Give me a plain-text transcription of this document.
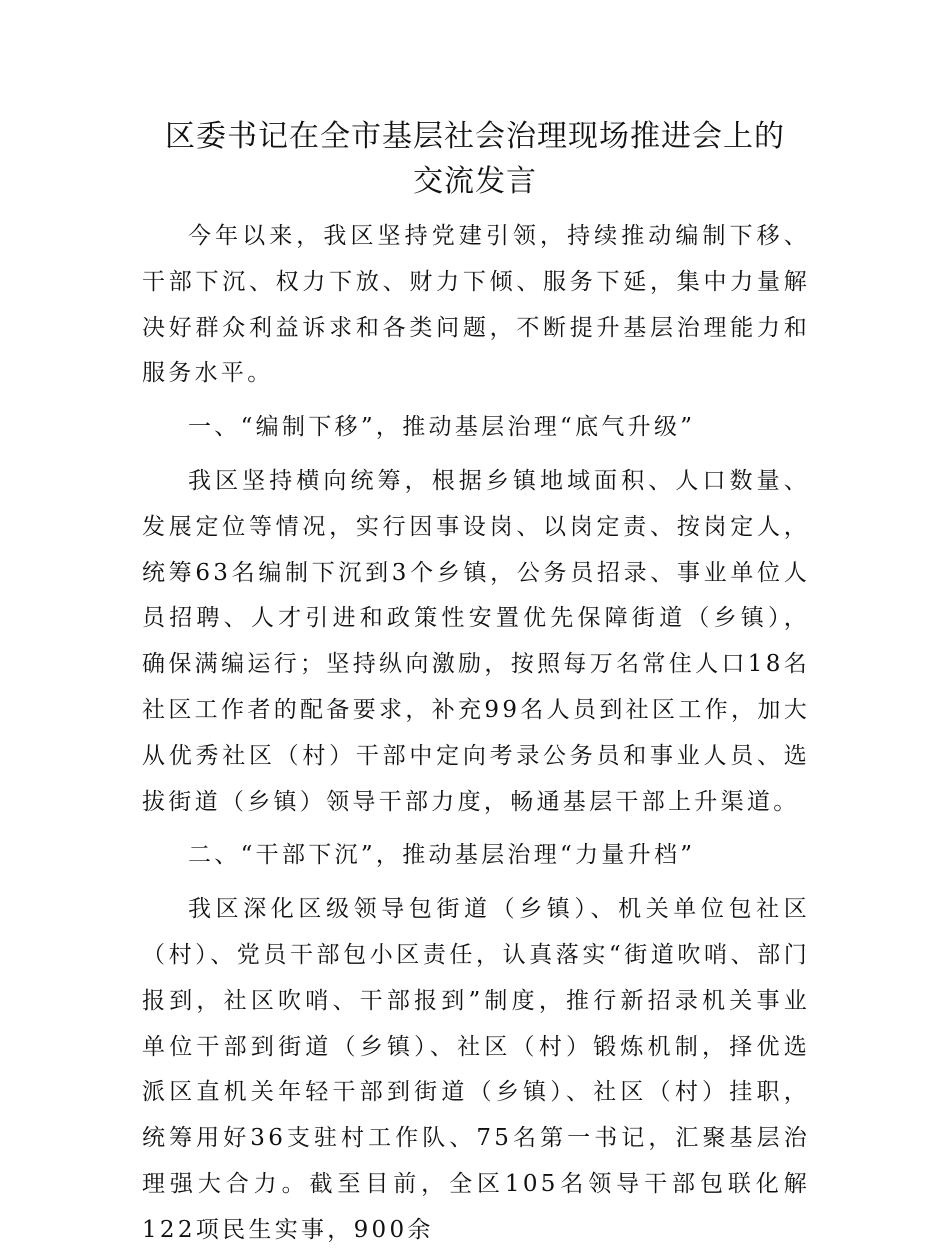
区委书记在全市基层社会治理现场推进会上的
交流发言

今年以来，我区坚持党建引领，持续推动编制下移、干部下沉、权力下放、财力下倾、服务下延，集中力量解决好群众利益诉求和各类问题，不断提升基层治理能力和服务水平。

一、“编制下移”，推动基层治理“底气升级”

我区坚持横向统筹，根据乡镇地域面积、人口数量、发展定位等情况，实行因事设岗、以岗定责、按岗定人，统筹63名编制下沉到3个乡镇，公务员招录、事业单位人员招聘、人才引进和政策性安置优先保障街道（乡镇），确保满编运行；坚持纵向激励，按照每万名常住人口18名社区工作者的配备要求，补充99名人员到社区工作，加大从优秀社区（村）干部中定向考录公务员和事业人员、选拔街道（乡镇）领导干部力度，畅通基层干部上升渠道。

二、“干部下沉”，推动基层治理“力量升档”

我区深化区级领导包街道（乡镇）、机关单位包社区（村）、党员干部包小区责任，认真落实“街道吹哨、部门报到，社区吹哨、干部报到”制度，推行新招录机关事业单位干部到街道（乡镇）、社区（村）锻炼机制，择优选派区直机关年轻干部到街道（乡镇）、社区（村）挂职，统筹用好36支驻村工作队、75名第一书记，汇聚基层治理强大合力。截至目前，全区105名领导干部包联化解122项民生实事，900余
